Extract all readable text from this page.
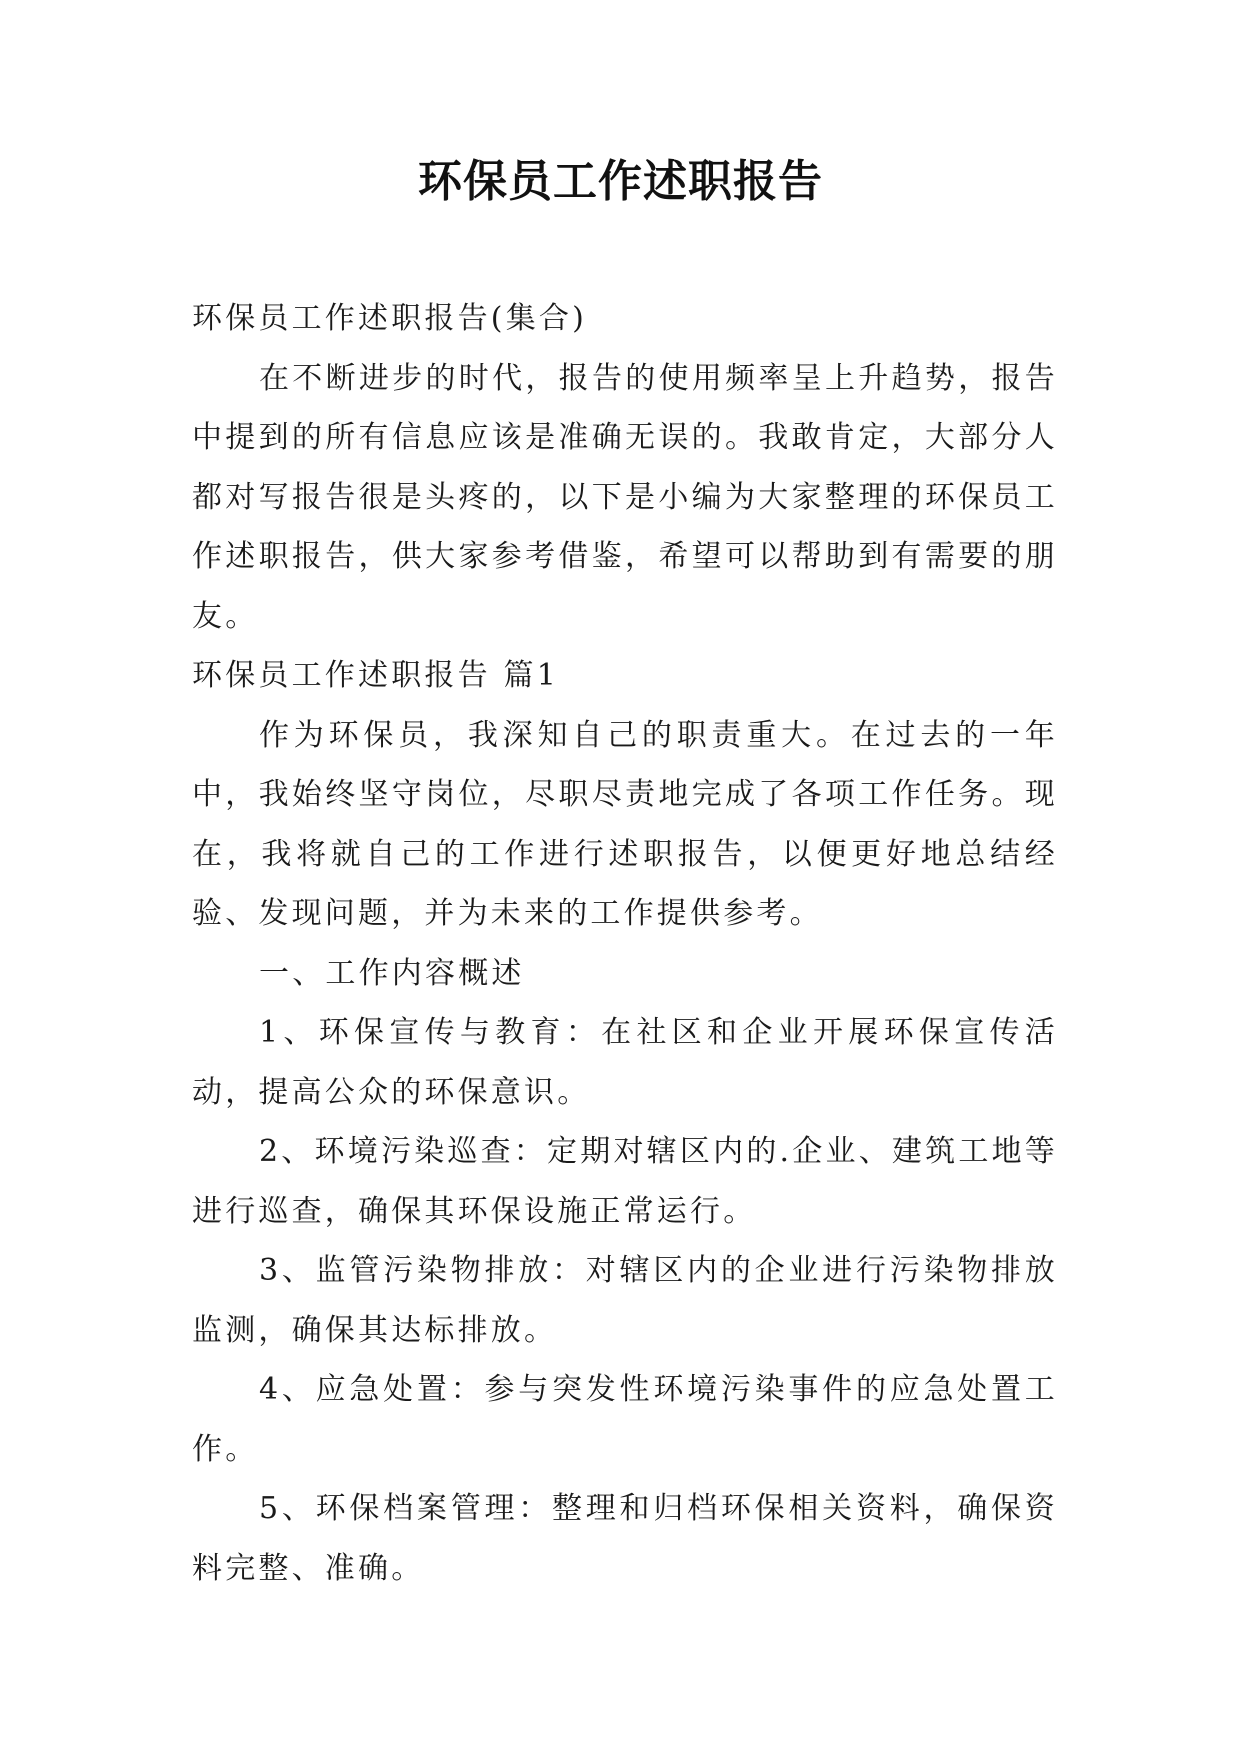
环保员工作述职报告

环保员工作述职报告(集合)

在不断进步的时代，报告的使用频率呈上升趋势，报告中提到的所有信息应该是准确无误的。我敢肯定，大部分人都对写报告很是头疼的，以下是小编为大家整理的环保员工作述职报告，供大家参考借鉴，希望可以帮助到有需要的朋友。

环保员工作述职报告 篇1

作为环保员，我深知自己的职责重大。在过去的一年中，我始终坚守岗位，尽职尽责地完成了各项工作任务。现在，我将就自己的工作进行述职报告，以便更好地总结经验、发现问题，并为未来的工作提供参考。

一、工作内容概述

1、环保宣传与教育：在社区和企业开展环保宣传活动，提高公众的环保意识。

2、环境污染巡查：定期对辖区内的.企业、建筑工地等进行巡查，确保其环保设施正常运行。

3、监管污染物排放：对辖区内的企业进行污染物排放监测，确保其达标排放。

4、应急处置：参与突发性环境污染事件的应急处置工作。

5、环保档案管理：整理和归档环保相关资料，确保资料完整、准确。
